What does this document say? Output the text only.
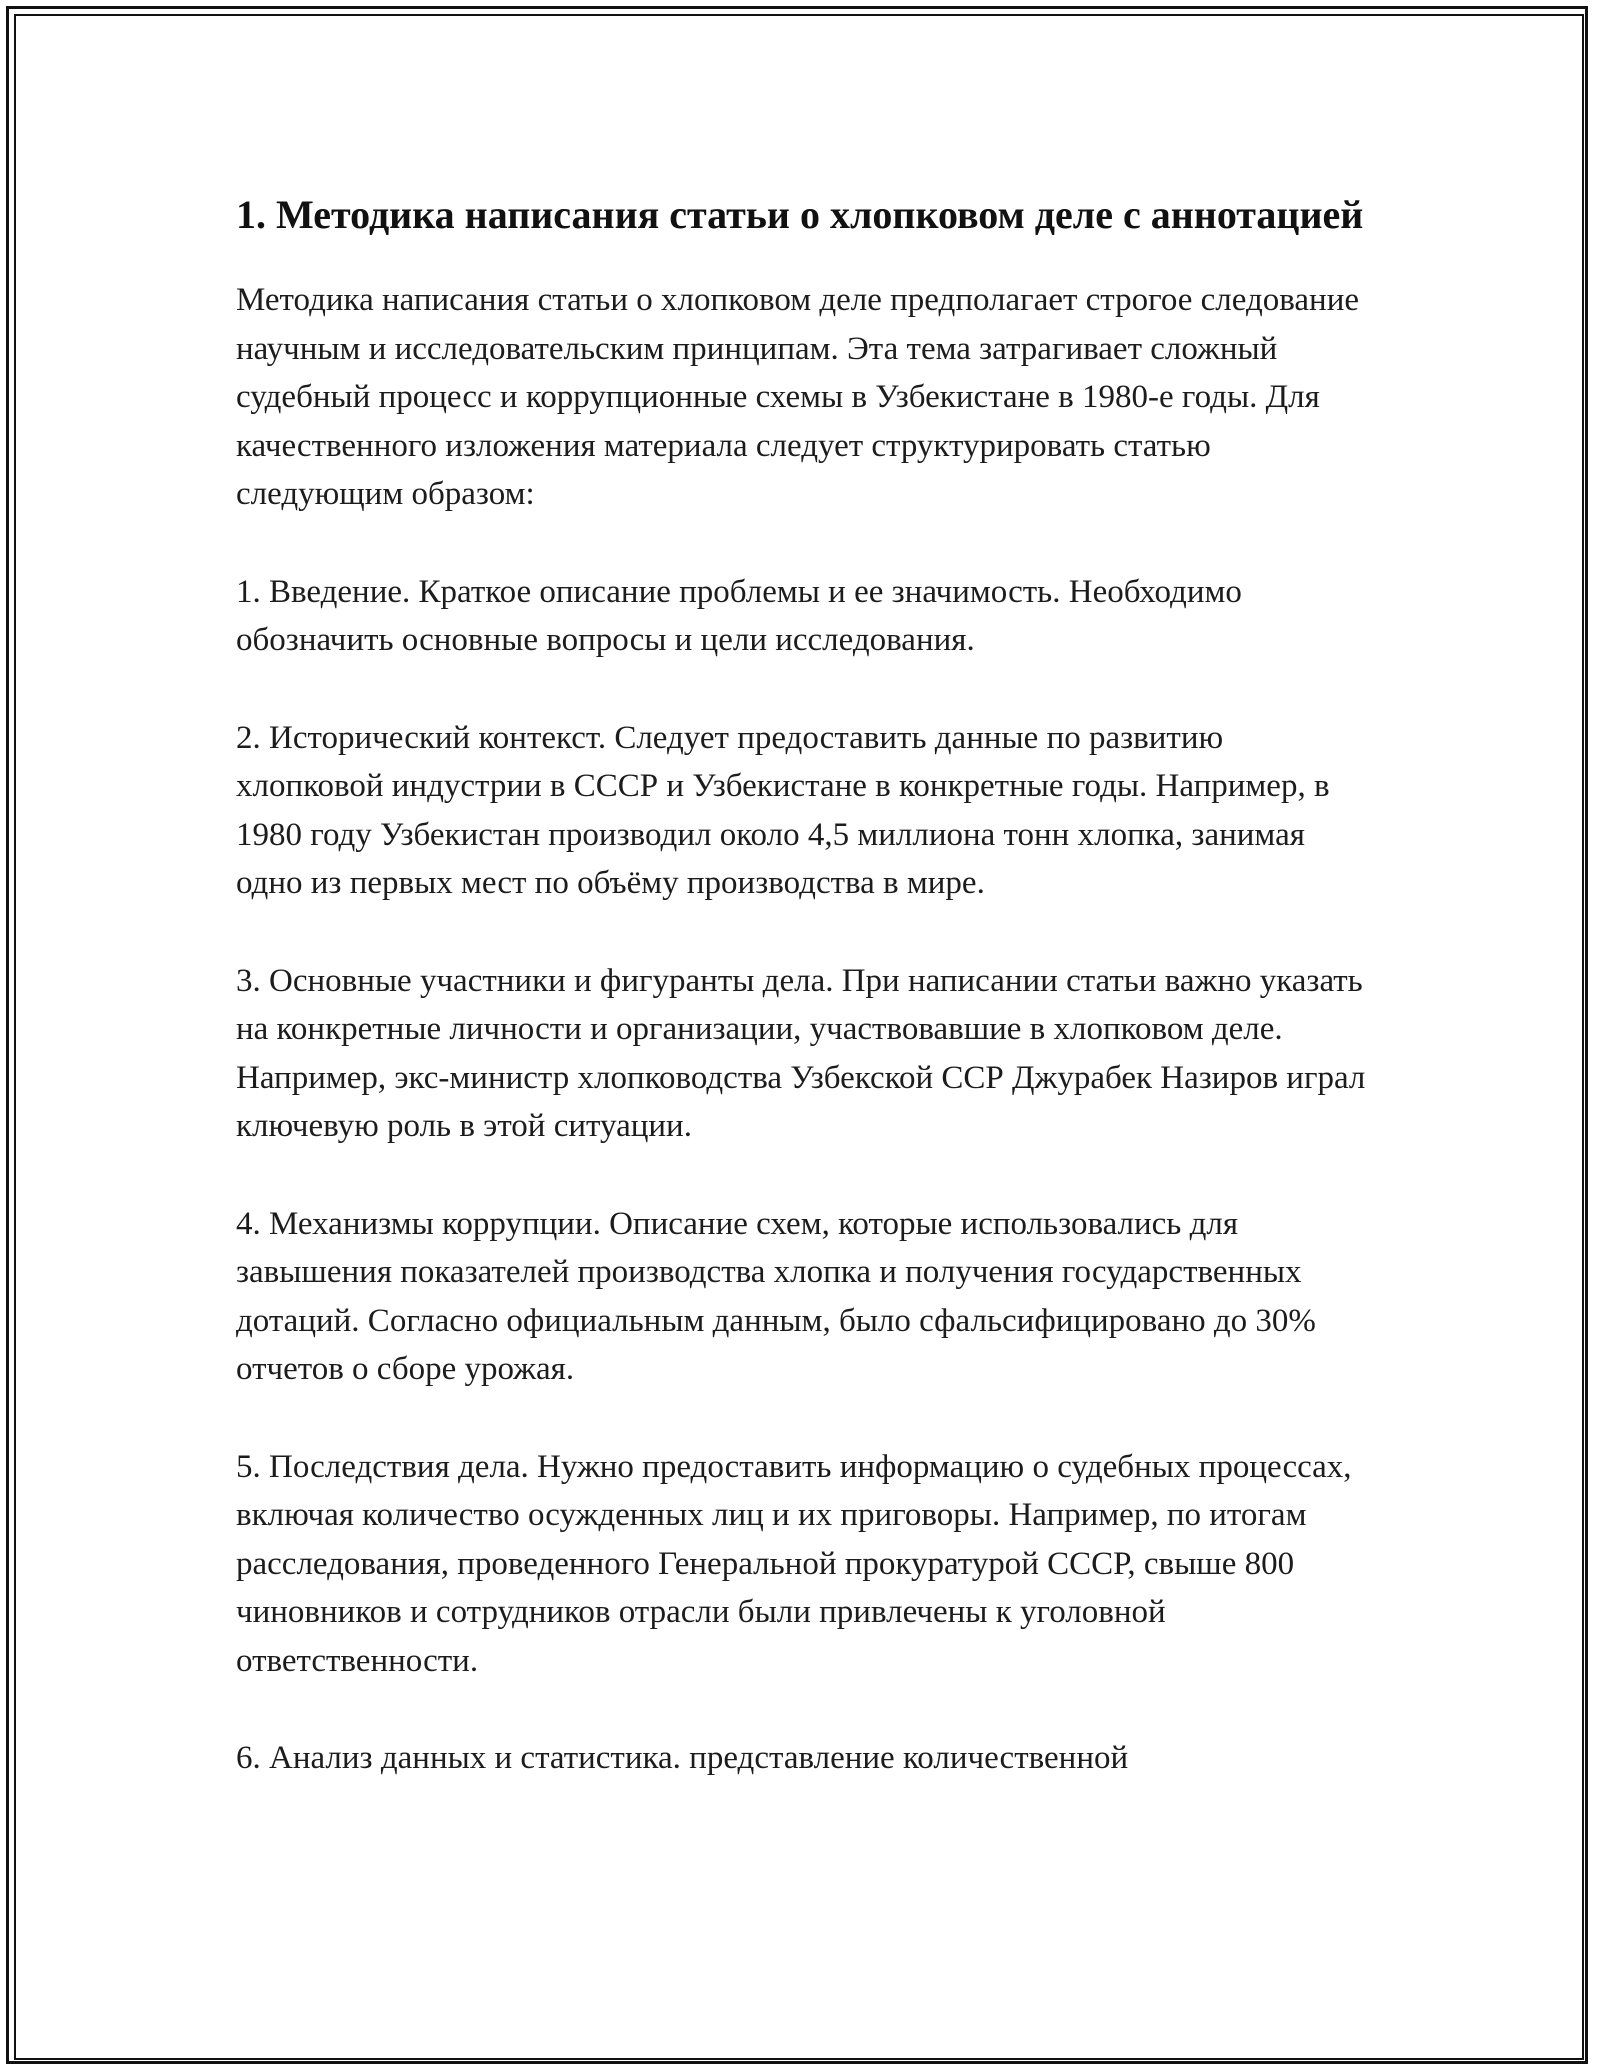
1. Методика написания статьи о хлопковом деле с аннотацией

Методика написания статьи о хлопковом деле предполагает строгое следование научным и исследовательским принципам. Эта тема затрагивает сложный судебный процесс и коррупционные схемы в Узбекистане в 1980-е годы. Для качественного изложения материала следует структурировать статью следующим образом:

1. Введение. Краткое описание проблемы и ее значимость. Необходимо обозначить основные вопросы и цели исследования.

2. Исторический контекст. Следует предоставить данные по развитию хлопковой индустрии в СССР и Узбекистане в конкретные годы. Например, в 1980 году Узбекистан производил около 4,5 миллиона тонн хлопка, занимая одно из первых мест по объёму производства в мире.

3. Основные участники и фигуранты дела. При написании статьи важно указать на конкретные личности и организации, участвовавшие в хлопковом деле. Например, экс-министр хлопководства Узбекской ССР Джурабек Назиров играл ключевую роль в этой ситуации.

4. Механизмы коррупции. Описание схем, которые использовались для завышения показателей производства хлопка и получения государственных дотаций. Согласно официальным данным, было сфальсифицировано до 30% отчетов о сборе урожая.

5. Последствия дела. Нужно предоставить информацию о судебных процессах, включая количество осужденных лиц и их приговоры. Например, по итогам расследования, проведенного Генеральной прокуратурой СССР, свыше 800 чиновников и сотрудников отрасли были привлечены к уголовной ответственности.

6. Анализ данных и статистика. представление количественной
